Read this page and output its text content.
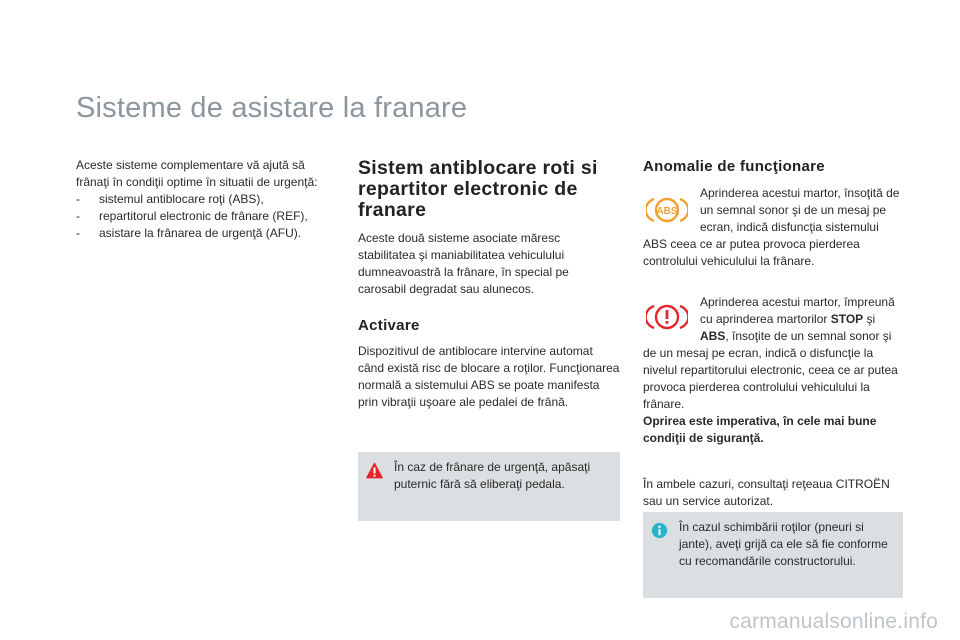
Sisteme de asistare la franare

Aceste sisteme complementare vă ajută să frânaţi în condiţii optime în situatii de urgenţă:

- sistemul antiblocare roţi (ABS),
- repartitorul electronic de frânare (REF),
- asistare la frânarea de urgenţă (AFU).
Sistem antiblocare roti si repartitor electronic de franare

Aceste două sisteme asociate măresc stabilitatea şi maniabilitatea vehiculului dumneavoastră la frânare, în special pe carosabil degradat sau alunecos.

Activare

Dispozitivul de antiblocare intervine automat când există risc de blocare a roţilor. Funcţionarea normală a sistemului ABS se poate manifesta prin vibraţii uşoare ale pedalei de frână.

În caz de frânare de urgenţă, apăsaţi puternic fără să eliberaţi pedala.
Anomalie de funcţionare
ABS

Aprinderea acestui martor, însoţită de un semnal sonor şi de un mesaj pe ecran, indică disfuncţia sistemului ABS ceea ce ar putea provoca pierderea controlului vehiculului la frânare.

Aprinderea acestui martor, împreună cu aprinderea martorilor STOP şi ABS, însoţite de un semnal sonor şi de un mesaj pe ecran, indică o disfuncţie la nivelul repartitorului electronic, ceea ce ar putea provoca pierderea controlului vehiculului la frânare.

Oprirea este imperativa, în cele mai bune condiţii de siguranţă.

În ambele cazuri, consultaţi reţeaua CITROËN sau un service autorizat.

În cazul schimbării roţilor (pneuri si jante), aveţi grijă ca ele să fie conforme cu recomandările constructorului.
carmanualsonline.info
